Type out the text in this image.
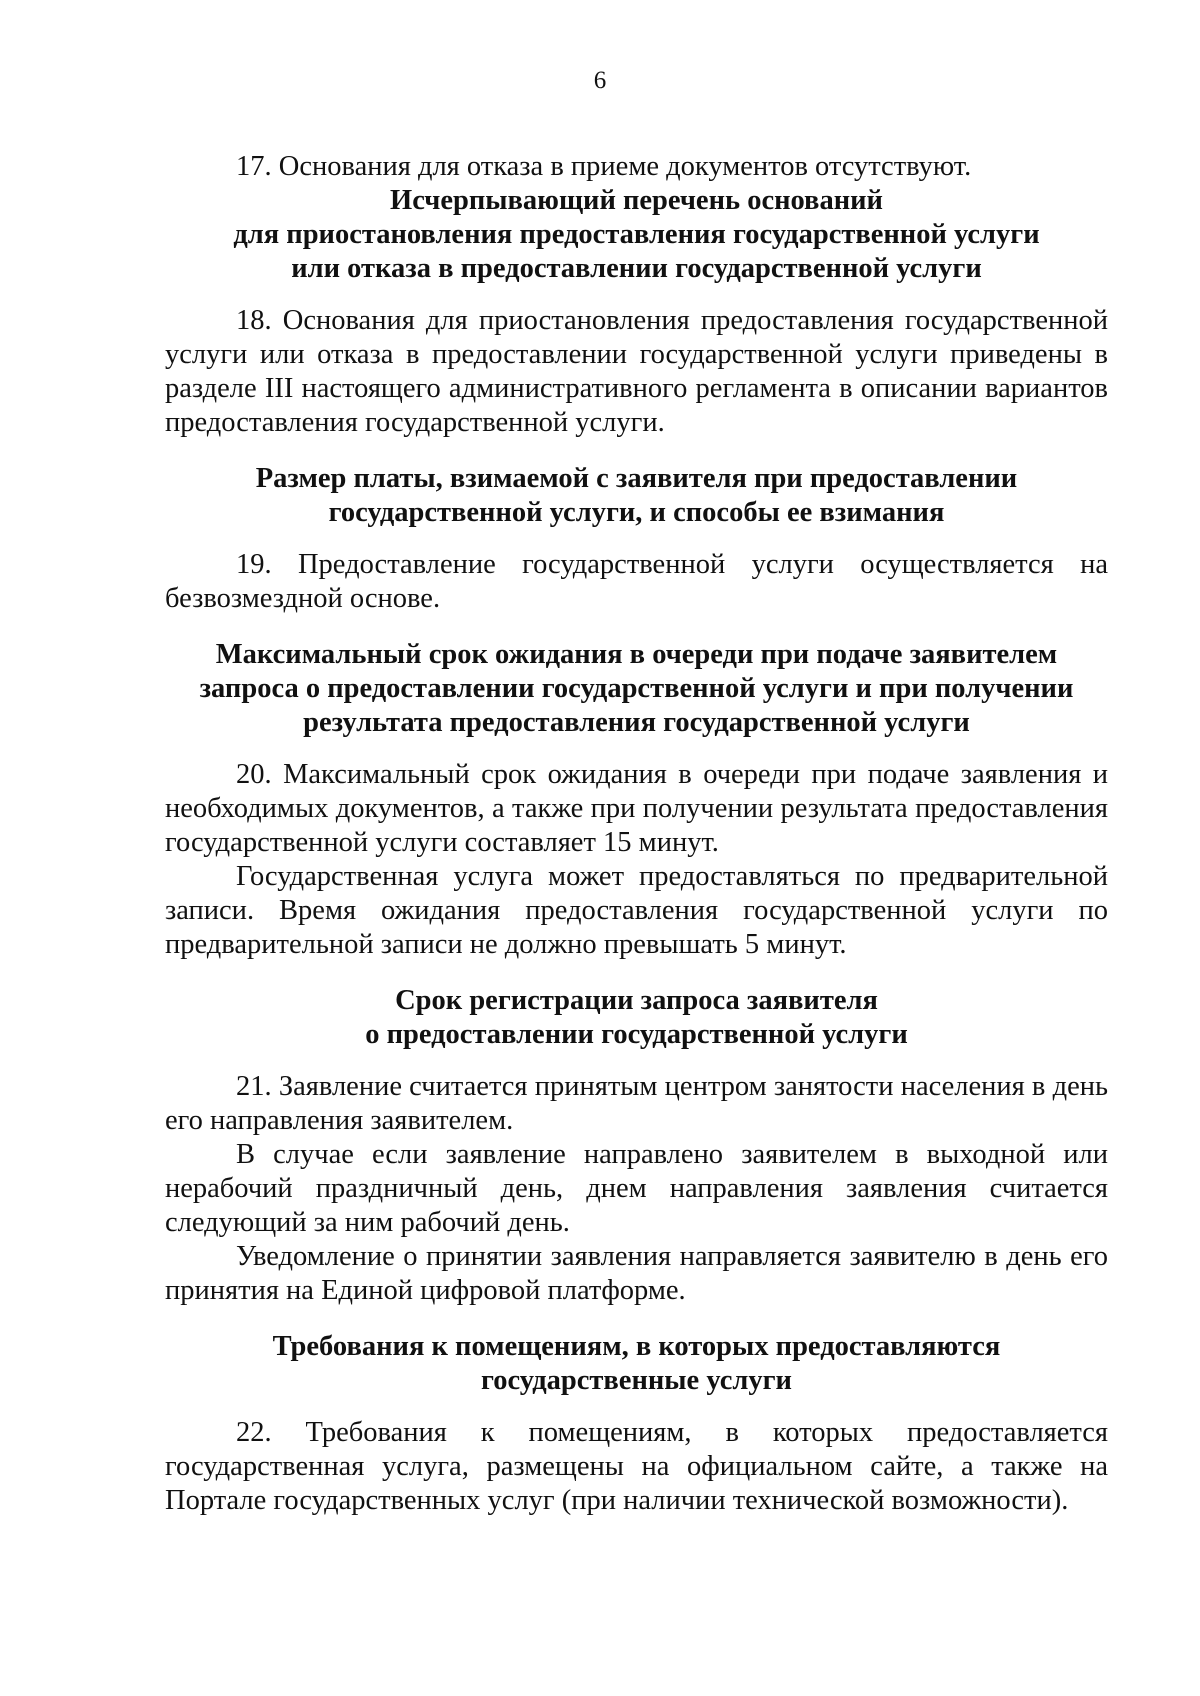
6

17. Основания для отказа в приеме документов отсутствуют.

Исчерпывающий перечень оснований
для приостановления предоставления государственной услуги
или отказа в предоставлении государственной услуги

18. Основания для приостановления предоставления государственной услуги или отказа в предоставлении государственной услуги приведены в разделе III настоящего административного регламента в описании вариантов предоставления государственной услуги.

Размер платы, взимаемой с заявителя при предоставлении
государственной услуги, и способы ее взимания

19. Предоставление государственной услуги осуществляется на безвозмездной основе.

Максимальный срок ожидания в очереди при подаче заявителем
запроса о предоставлении государственной услуги и при получении
результата предоставления государственной услуги

20. Максимальный срок ожидания в очереди при подаче заявления и необходимых документов, а также при получении результата предоставления государственной услуги составляет 15 минут.

Государственная услуга может предоставляться по предварительной записи. Время ожидания предоставления государственной услуги по предварительной записи не должно превышать 5 минут.

Срок регистрации запроса заявителя
о предоставлении государственной услуги

21. Заявление считается принятым центром занятости населения в день его направления заявителем.

В случае если заявление направлено заявителем в выходной или нерабочий праздничный день, днем направления заявления считается следующий за ним рабочий день.

Уведомление о принятии заявления направляется заявителю в день его принятия на Единой цифровой платформе.

Требования к помещениям, в которых предоставляются
государственные услуги

22. Требования к помещениям, в которых предоставляется государственная услуга, размещены на официальном сайте, а также на Портале государственных услуг (при наличии технической возможности).
